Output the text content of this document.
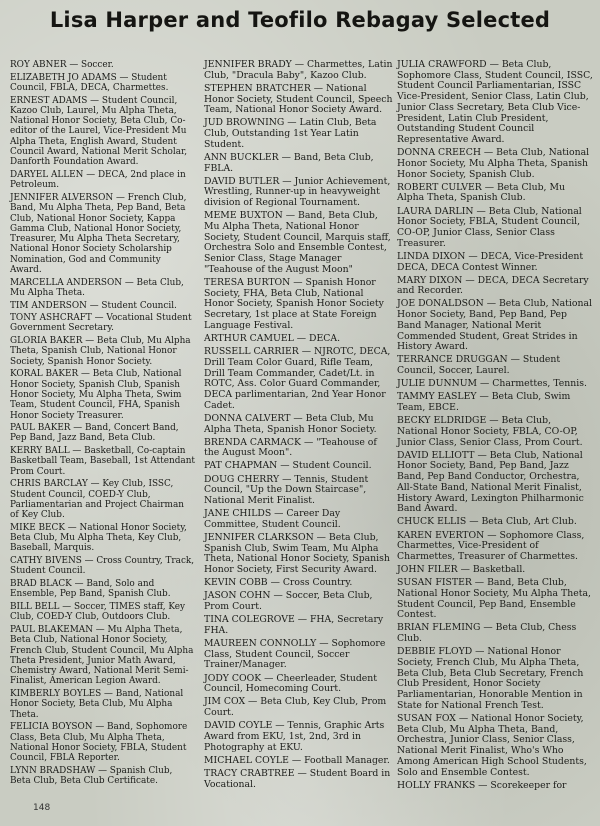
Lisa Harper and Teofilo Rebagay Selected

ROY ABNER — Soccer.

ELIZABETH JO ADAMS — Student Council, FBLA, DECA, Charmettes.

ERNEST ADAMS — Student Council, Kazoo Club, Laurel, Mu Alpha Theta, National Honor Society, Beta Club, Co-editor of the Laurel, Vice-President Mu Alpha Theta, English Award, Student Council Award, National Merit Scholar, Danforth Foundation Award.

DARYEL ALLEN — DECA, 2nd place in Petroleum.

JENNIFER ALVERSON — French Club, Band, Mu Alpha Theta, Pep Band, Beta Club, National Honor Society, Kappa Gamma Club, National Honor Society, Treasurer, Mu Alpha Theta Secretary, National Honor Society Scholarship Nomination, God and Community Award.

MARCELLA ANDERSON — Beta Club, Mu Alpha Theta.

TIM ANDERSON — Student Council.

TONY ASHCRAFT — Vocational Student Government Secretary.

GLORIA BAKER — Beta Club, Mu Alpha Theta, Spanish Club, National Honor Society, Spanish Honor Society.

KORAL BAKER — Beta Club, National Honor Society, Spanish Club, Spanish Honor Society, Mu Alpha Theta, Swim Team, Student Council, FHA, Spanish Honor Society Treasurer.

PAUL BAKER — Band, Concert Band, Pep Band, Jazz Band, Beta Club.

KERRY BALL — Basketball, Co-captain Basketball Team, Baseball, 1st Attendant Prom Court.

CHRIS BARCLAY — Key Club, ISSC, Student Council, COED-Y Club, Parliamentarian and Project Chairman of Key Club.

MIKE BECK — National Honor Society, Beta Club, Mu Alpha Theta, Key Club, Baseball, Marquis.

CATHY BIVENS — Cross Country, Track, Student Council.

BRAD BLACK — Band, Solo and Ensemble, Pep Band, Spanish Club.

BILL BELL — Soccer, TIMES staff, Key Club, COED-Y Club, Outdoors Club.

PAUL BLAKEMAN — Mu Alpha Theta, Beta Club, National Honor Society, French Club, Student Council, Mu Alpha Theta President, Junior Math Award, Chemistry Award, National Merit Semi-Finalist, American Legion Award.

KIMBERLY BOYLES — Band, National Honor Society, Beta Club, Mu Alpha Theta.

FELICIA BOYSON — Band, Sophomore Class, Beta Club, Mu Alpha Theta, National Honor Society, FBLA, Student Council, FBLA Reporter.

LYNN BRADSHAW — Spanish Club, Beta Club, Beta Club Certificate.

JENNIFER BRADY — Charmettes, Latin Club, "Dracula Baby", Kazoo Club.

STEPHEN BRATCHER — National Honor Society, Student Council, Speech Team, National Honor Society Award.

JUD BROWNING — Latin Club, Beta Club, Outstanding 1st Year Latin Student.

ANN BUCKLER — Band, Beta Club, FBLA.

DAVID BUTLER — Junior Achievement, Wrestling, Runner-up in heavyweight division of Regional Tournament.

MEME BUXTON — Band, Beta Club, Mu Alpha Theta, National Honor Society, Student Council, Marquis staff, Orchestra Solo and Ensemble Contest, Senior Class, Stage Manager "Teahouse of the August Moon"

TERESA BURTON — Spanish Honor Society, FHA, Beta Club, National Honor Society, Spanish Honor Society Secretary, 1st place at State Foreign Language Festival.

ARTHUR CAMUEL — DECA.

RUSSELL CARRIER — NJROTC, DECA, Drill Team Color Guard, Rifle Team, Drill Team Commander, Cadet/Lt. in ROTC, Ass. Color Guard Commander, DECA parlimentarian, 2nd Year Honor Cadet.

DONNA CALVERT — Beta Club, Mu Alpha Theta, Spanish Honor Society.

BRENDA CARMACK — "Teahouse of the August Moon".

PAT CHAPMAN — Student Council.

DOUG CHERRY — Tennis, Student Council, "Up the Down Staircase", National Merit Finalist.

JANE CHILDS — Career Day Committee, Student Council.

JENNIFER CLARKSON — Beta Club, Spanish Club, Swim Team, Mu Alpha Theta, National Honor Society, Spanish Honor Society, First Security Award.

KEVIN COBB — Cross Country.

JASON COHN — Soccer, Beta Club, Prom Court.

TINA COLEGROVE — FHA, Secretary FHA.

MAUREEN CONNOLLY — Sophomore Class, Student Council, Soccer Trainer/Manager.

JODY COOK — Cheerleader, Student Council, Homecoming Court.

JIM COX — Beta Club, Key Club, Prom Court.

DAVID COYLE — Tennis, Graphic Arts Award from EKU, 1st, 2nd, 3rd in Photography at EKU.

MICHAEL COYLE — Football Manager.

TRACY CRABTREE — Student Board in Vocational.

JULIA CRAWFORD — Beta Club, Sophomore Class, Student Council, ISSC, Student Council Parliamentarian, ISSC Vice-President, Senior Class, Latin Club, Junior Class Secretary, Beta Club Vice-President, Latin Club President, Outstanding Student Council Representative Award.

DONNA CREECH — Beta Club, National Honor Society, Mu Alpha Theta, Spanish Honor Society, Spanish Club.

ROBERT CULVER — Beta Club, Mu Alpha Theta, Spanish Club.

LAURA DARLIN — Beta Club, National Honor Society, FBLA, Student Council, CO-OP, Junior Class, Senior Class Treasurer.

LINDA DIXON — DECA, Vice-President DECA, DECA Contest Winner.

MARY DIXON — DECA, DECA Secretary and Recorder.

JOE DONALDSON — Beta Club, National Honor Society, Band, Pep Band, Pep Band Manager, National Merit Commended Student, Great Strides in History Award.

TERRANCE DRUGGAN — Student Council, Soccer, Laurel.

JULIE DUNNUM — Charmettes, Tennis.

TAMMY EASLEY — Beta Club, Swim Team, EBCE.

BECKY ELDRIDGE — Beta Club, National Honor Society, FBLA, CO-OP, Junior Class, Senior Class, Prom Court.

DAVID ELLIOTT — Beta Club, National Honor Society, Band, Pep Band, Jazz Band, Pep Band Conductor, Orchestra, All-State Band, National Merit Finalist, History Award, Lexington Philharmonic Band Award.

CHUCK ELLIS — Beta Club, Art Club.

KAREN EVERTON — Sophomore Class, Charmettes, Vice-President of Charmettes, Treasurer of Charmettes.

JOHN FILER — Basketball.

SUSAN FISTER — Band, Beta Club, National Honor Society, Mu Alpha Theta, Student Council, Pep Band, Ensemble Contest.

BRIAN FLEMING — Beta Club, Chess Club.

DEBBIE FLOYD — National Honor Society, French Club, Mu Alpha Theta, Beta Club, Beta Club Secretary, French Club President, Honor Society Parliamentarian, Honorable Mention in State for National French Test.

SUSAN FOX — National Honor Society, Beta Club, Mu Alpha Theta, Band, Orchestra, Junior Class, Senior Class, National Merit Finalist, Who's Who Among American High School Students, Solo and Ensemble Contest.

HOLLY FRANKS — Scorekeeper for

148
